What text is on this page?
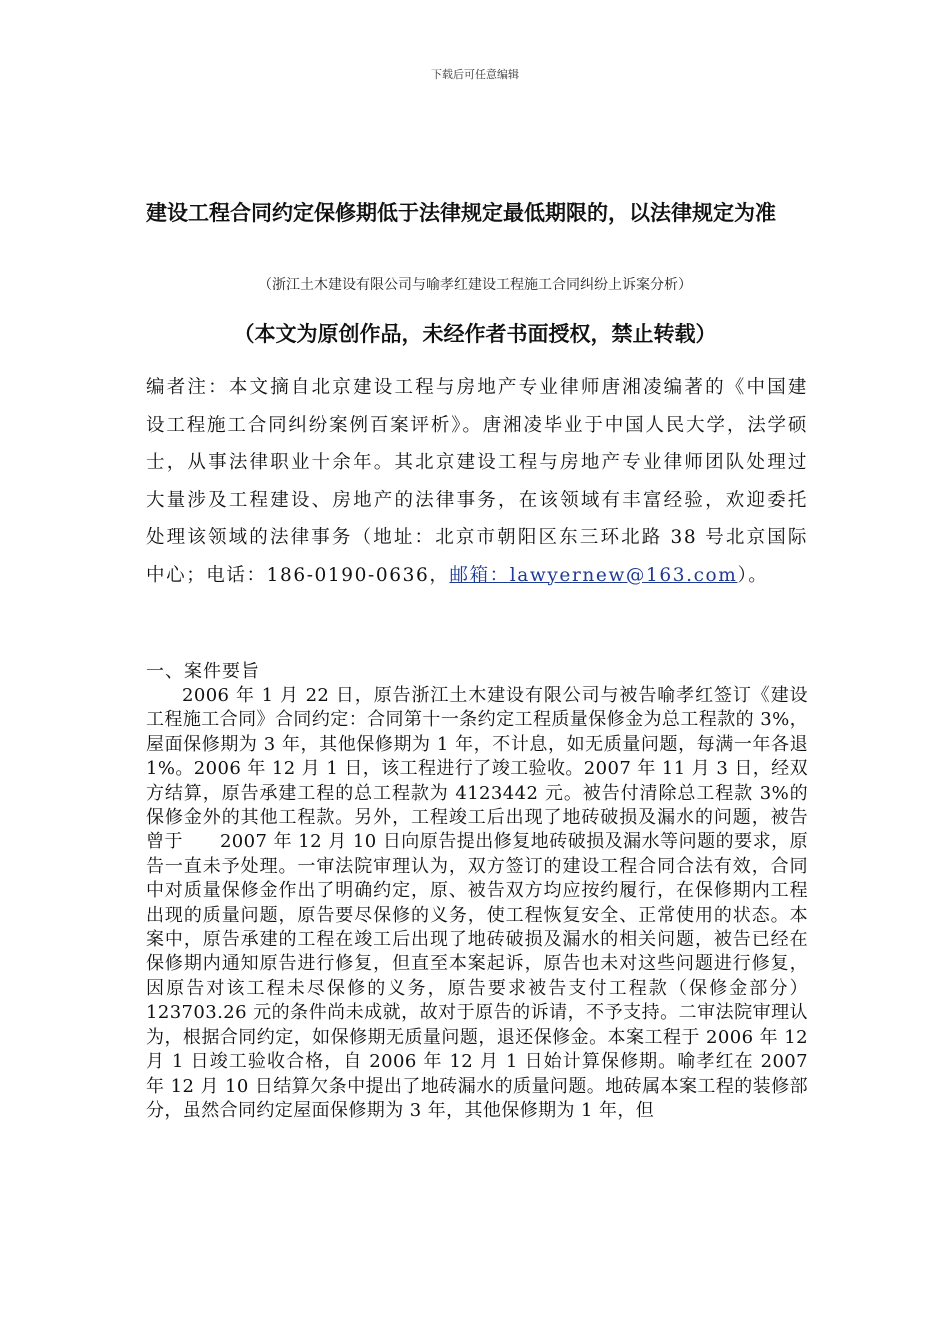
下载后可任意编辑
建设工程合同约定保修期低于法律规定最低期限的，以法律规定为准
（浙江土木建设有限公司与喻孝红建设工程施工合同纠纷上诉案分析）
（本文为原创作品，未经作者书面授权，禁止转载）
编者注：本文摘自北京建设工程与房地产专业律师唐湘凌编著的《中国建设工程施工合同纠纷案例百案评析》。唐湘凌毕业于中国人民大学，法学硕士，从事法律职业十余年。其北京建设工程与房地产专业律师团队处理过大量涉及工程建设、房地产的法律事务，在该领域有丰富经验，欢迎委托处理该领域的法律事务（地址：北京市朝阳区东三环北路 38 号北京国际中心；电话：186-0190-0636，邮箱：lawyernew@163.com）。
一、案件要旨
2006 年 1 月 22 日，原告浙江土木建设有限公司与被告喻孝红签订《建设工程施工合同》合同约定：合同第十一条约定工程质量保修金为总工程款的 3%，屋面保修期为 3 年，其他保修期为 1 年，不计息，如无质量问题，每满一年各退 1%。2006 年 12 月 1 日，该工程进行了竣工验收。2007 年 11 月 3 日，经双方结算，原告承建工程的总工程款为 4123442 元。被告付清除总工程款 3%的保修金外的其他工程款。另外，工程竣工后出现了地砖破损及漏水的问题，被告曾于　　2007 年 12 月 10 日向原告提出修复地砖破损及漏水等问题的要求，原告一直未予处理。一审法院审理认为，双方签订的建设工程合同合法有效，合同中对质量保修金作出了明确约定，原、被告双方均应按约履行，在保修期内工程出现的质量问题，原告要尽保修的义务，使工程恢复安全、正常使用的状态。本案中，原告承建的工程在竣工后出现了地砖破损及漏水的相关问题，被告已经在保修期内通知原告进行修复，但直至本案起诉，原告也未对这些问题进行修复，因原告对该工程未尽保修的义务，原告要求被告支付工程款（保修金部分）123703.26 元的条件尚未成就，故对于原告的诉请，不予支持。二审法院审理认为，根据合同约定，如保修期无质量问题，退还保修金。本案工程于 2006 年 12 月 1 日竣工验收合格，自 2006 年 12 月 1 日始计算保修期。喻孝红在 2007 年 12 月 10 日结算欠条中提出了地砖漏水的质量问题。地砖属本案工程的装修部分，虽然合同约定屋面保修期为 3 年，其他保修期为 1 年，但
